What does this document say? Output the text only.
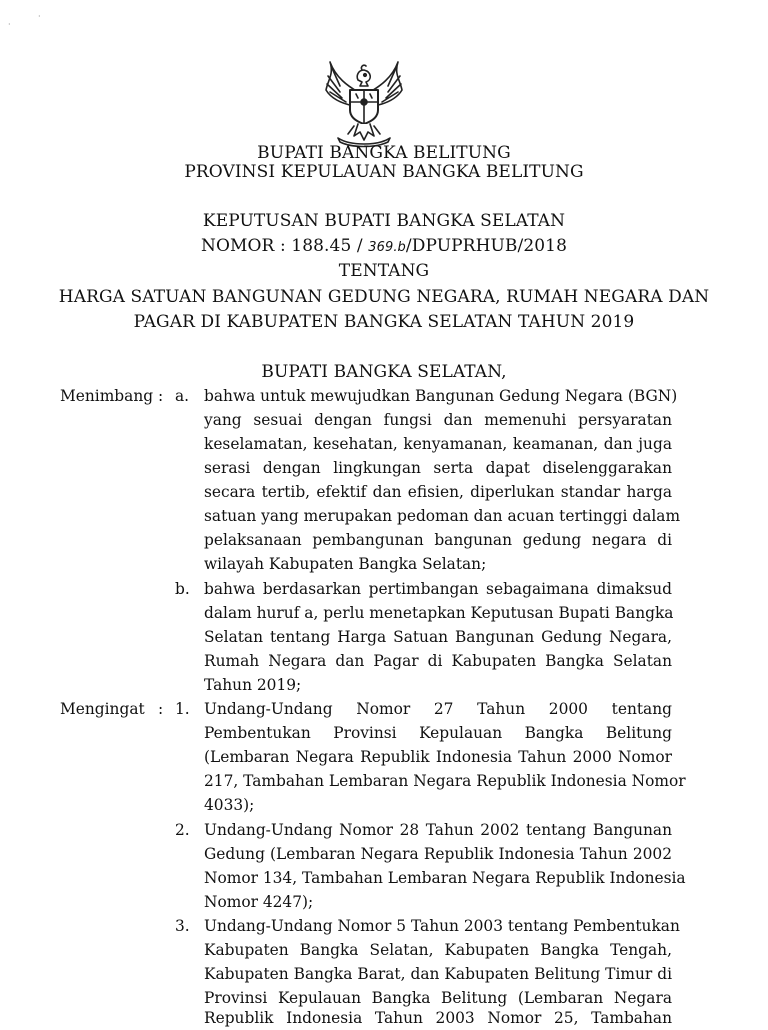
·
·
BUPATI BANGKA BELITUNG
PROVINSI KEPULAUAN BANGKA BELITUNG
KEPUTUSAN BUPATI BANGKA SELATAN
NOMOR : 188.45 / 369.b/DPUPRHUB/2018
TENTANG
HARGA SATUAN BANGUNAN GEDUNG NEGARA, RUMAH NEGARA DAN
PAGAR DI KABUPATEN BANGKA SELATAN TAHUN 2019
BUPATI BANGKA SELATAN,
Menimbang : a. bahwa untuk mewujudkan Bangunan Gedung Negara (BGN)
yang sesuai dengan fungsi dan memenuhi persyaratan
keselamatan, kesehatan, kenyamanan, keamanan, dan juga
serasi dengan lingkungan serta dapat diselenggarakan
secara tertib, efektif dan efisien, diperlukan standar harga
satuan yang merupakan pedoman dan acuan tertinggi dalam
pelaksanaan pembangunan bangunan gedung negara di
wilayah Kabupaten Bangka Selatan;
b. bahwa berdasarkan pertimbangan sebagaimana dimaksud
dalam huruf a, perlu menetapkan Keputusan Bupati Bangka
Selatan tentang Harga Satuan Bangunan Gedung Negara,
Rumah Negara dan Pagar di Kabupaten Bangka Selatan
Tahun 2019;
Mengingat : 1. Undang-Undang Nomor 27 Tahun 2000 tentang
Pembentukan Provinsi Kepulauan Bangka Belitung
(Lembaran Negara Republik Indonesia Tahun 2000 Nomor
217, Tambahan Lembaran Negara Republik Indonesia Nomor
4033);
2. Undang-Undang Nomor 28 Tahun 2002 tentang Bangunan
Gedung (Lembaran Negara Republik Indonesia Tahun 2002
Nomor 134, Tambahan Lembaran Negara Republik Indonesia
Nomor 4247);
3. Undang-Undang Nomor 5 Tahun 2003 tentang Pembentukan
Kabupaten Bangka Selatan, Kabupaten Bangka Tengah,
Kabupaten Bangka Barat, dan Kabupaten Belitung Timur di
Provinsi Kepulauan Bangka Belitung (Lembaran Negara
Republik Indonesia Tahun 2003 Nomor 25, Tambahan
